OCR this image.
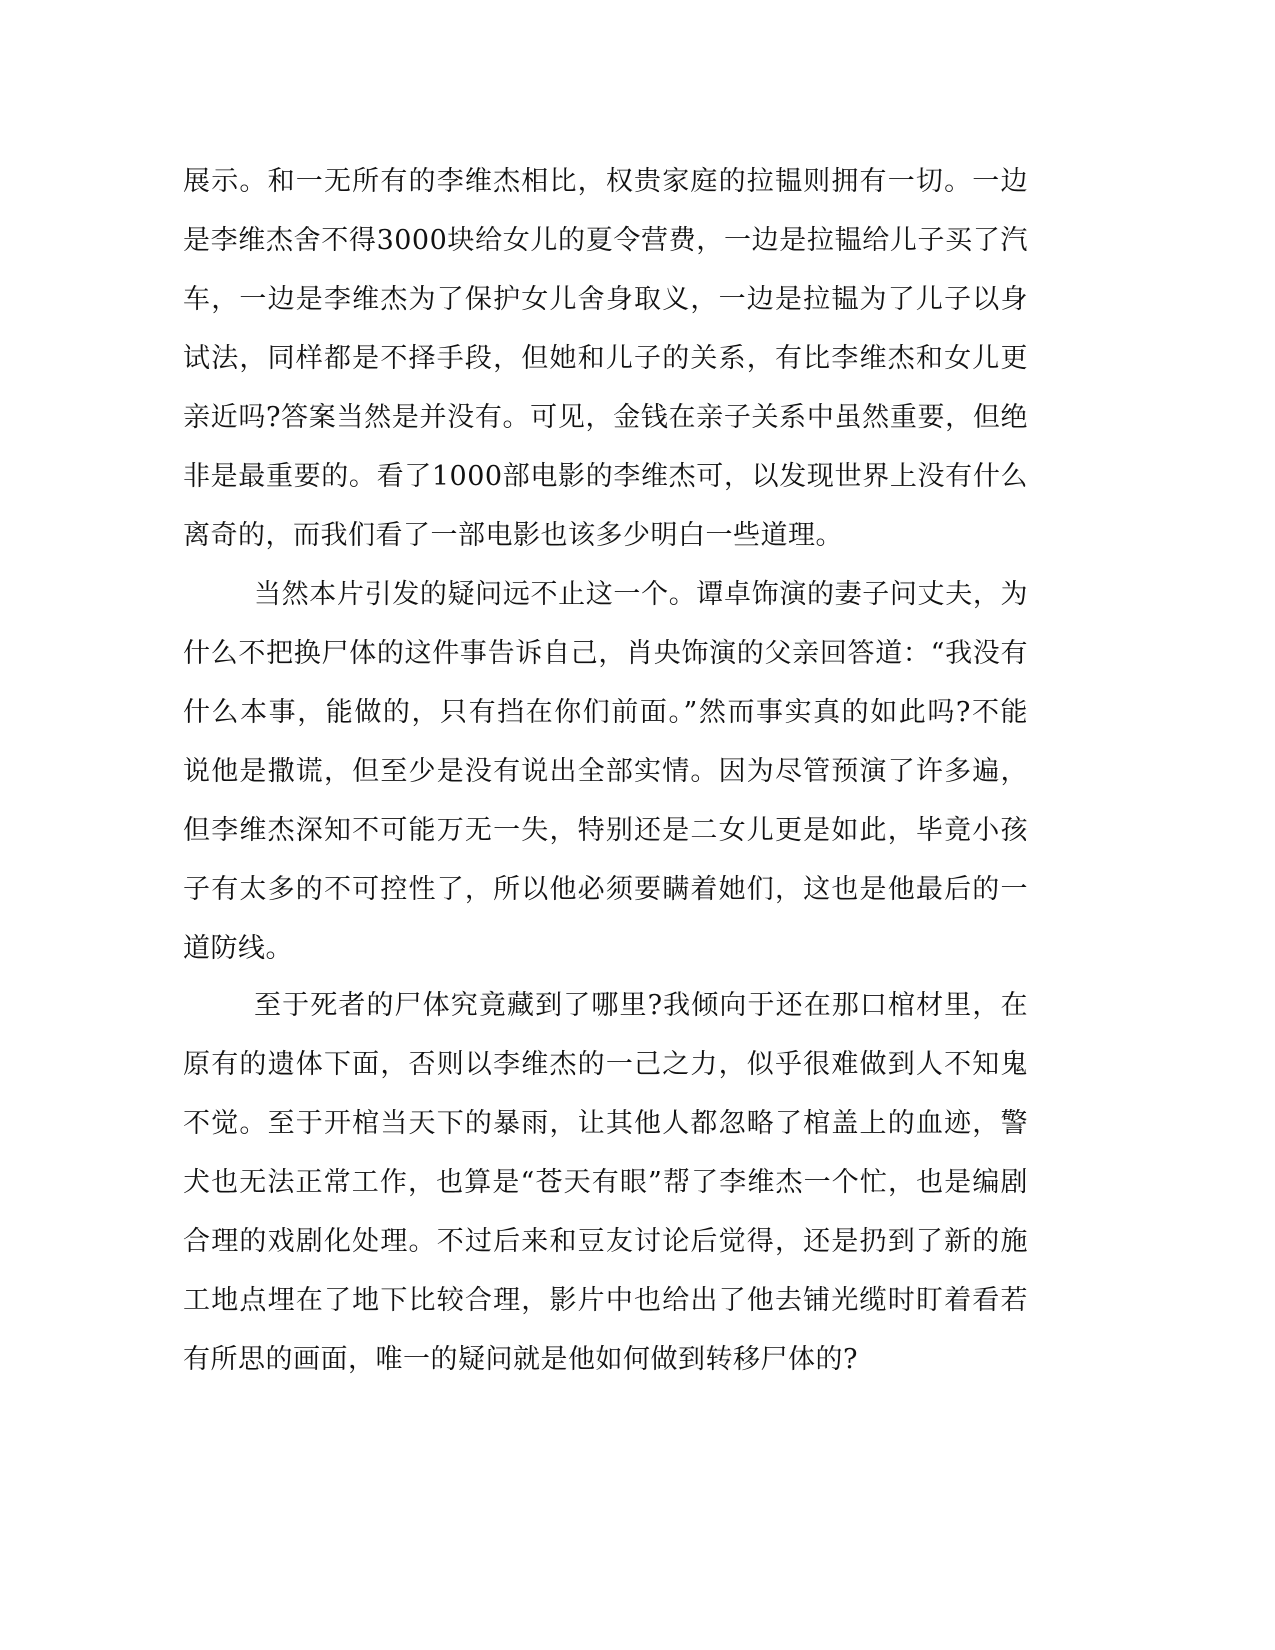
展示。和一无所有的李维杰相比，权贵家庭的拉韫则拥有一切。一边
是李维杰舍不得3000块给女儿的夏令营费，一边是拉韫给儿子买了汽
车，一边是李维杰为了保护女儿舍身取义，一边是拉韫为了儿子以身
试法，同样都是不择手段，但她和儿子的关系，有比李维杰和女儿更
亲近吗?答案当然是并没有。可见，金钱在亲子关系中虽然重要，但绝
非是最重要的。看了1000部电影的李维杰可，以发现世界上没有什么
离奇的，而我们看了一部电影也该多少明白一些道理。
当然本片引发的疑问远不止这一个。谭卓饰演的妻子问丈夫，为
什么不把换尸体的这件事告诉自己，肖央饰演的父亲回答道：“我没有
什么本事，能做的，只有挡在你们前面。”然而事实真的如此吗?不能
说他是撒谎，但至少是没有说出全部实情。因为尽管预演了许多遍，
但李维杰深知不可能万无一失，特别还是二女儿更是如此，毕竟小孩
子有太多的不可控性了，所以他必须要瞒着她们，这也是他最后的一
道防线。
至于死者的尸体究竟藏到了哪里?我倾向于还在那口棺材里，在
原有的遗体下面，否则以李维杰的一己之力，似乎很难做到人不知鬼
不觉。至于开棺当天下的暴雨，让其他人都忽略了棺盖上的血迹，警
犬也无法正常工作，也算是“苍天有眼”帮了李维杰一个忙，也是编剧
合理的戏剧化处理。不过后来和豆友讨论后觉得，还是扔到了新的施
工地点埋在了地下比较合理，影片中也给出了他去铺光缆时盯着看若
有所思的画面，唯一的疑问就是他如何做到转移尸体的?
